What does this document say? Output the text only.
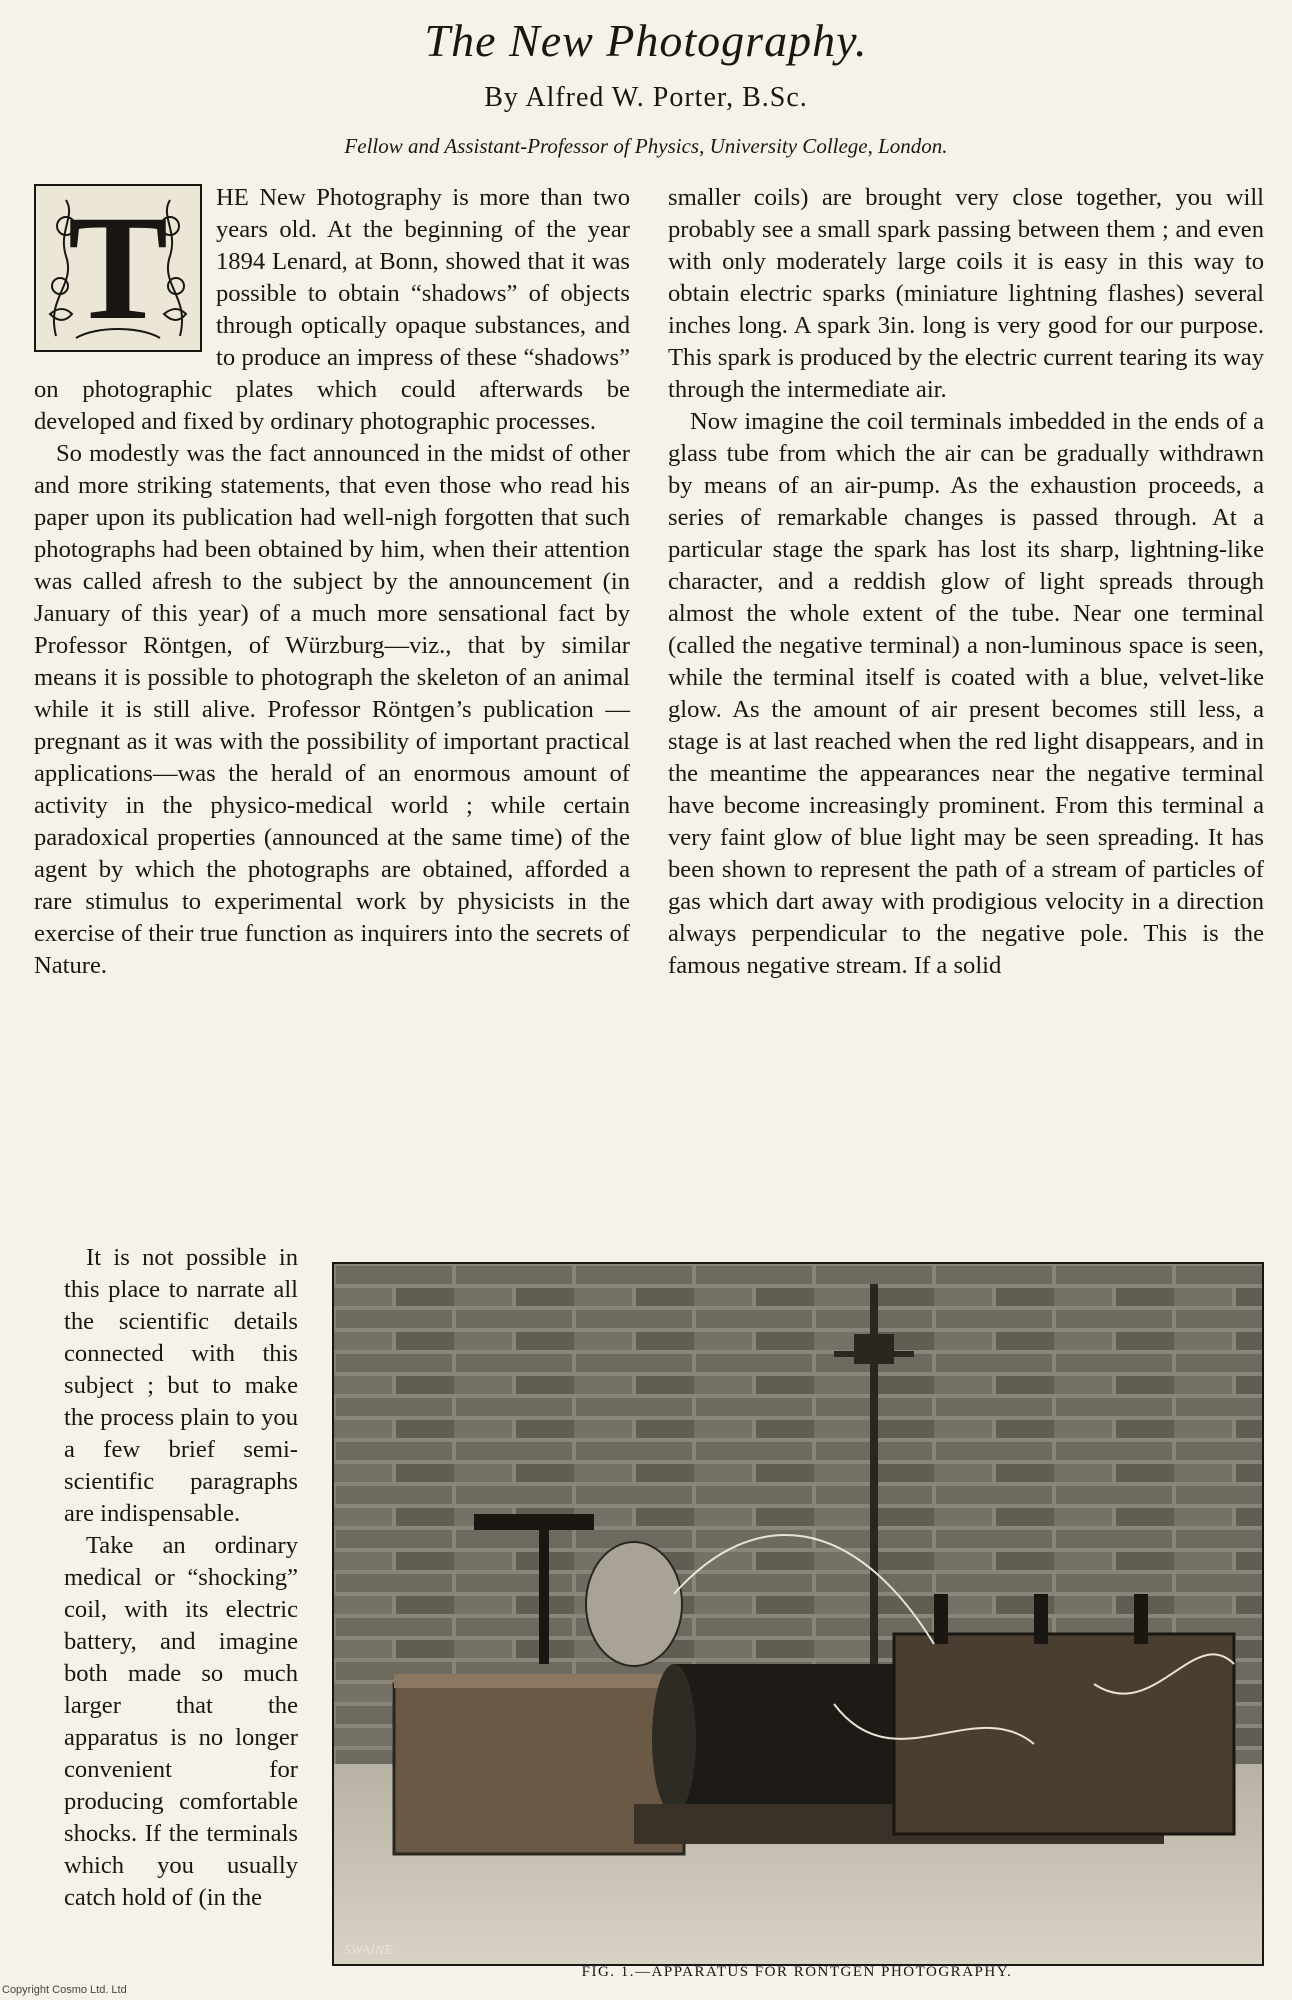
The New Photography.
By Alfred W. Porter, B.Sc.
Fellow and Assistant-Professor of Physics, University College, London.
T	HE New Photography is more than two years old. At the beginning of the year 1894 Lenard, at Bonn, showed that it was possible to obtain “shadows” of objects through optically opaque substances, and to produce an impress of these “shadows” on photographic plates which could afterwards be developed and fixed by ordinary photographic processes.

So modestly was the fact announced in the midst of other and more striking statements, that even those who read his paper upon its publication had well-nigh forgotten that such photographs had been obtained by him, when their attention was called afresh to the subject by the announcement (in January of this year) of a much more sensational fact by Professor Röntgen, of Würzburg—viz., that by similar means it is possible to photograph the skeleton of an animal while it is still alive. Professor Röntgen’s publication —pregnant as it was with the possibility of important practical applications—was the herald of an enormous amount of activity in the physico-medical world ; while certain paradoxical properties (announced at the same time) of the agent by which the photographs are obtained, afforded a rare stimulus to experimental work by physicists in the exercise of their true function as inquirers into the secrets of Nature.

smaller coils) are brought very close together, you will probably see a small spark passing between them ; and even with only moderately large coils it is easy in this way to obtain electric sparks (miniature lightning flashes) several inches long. A spark 3in. long is very good for our purpose. This spark is produced by the electric current tearing its way through the intermediate air.

Now imagine the coil terminals imbedded in the ends of a glass tube from which the air can be gradually withdrawn by means of an air-pump. As the exhaustion proceeds, a series of remarkable changes is passed through. At a particular stage the spark has lost its sharp, lightning-like character, and a reddish glow of light spreads through almost the whole extent of the tube. Near one terminal (called the negative terminal) a non-luminous space is seen, while the terminal itself is coated with a blue, velvet-like glow. As the amount of air present becomes still less, a stage is at last reached when the red light disappears, and in the meantime the appearances near the negative terminal have become increasingly prominent. From this terminal a very faint glow of blue light may be seen spreading. It has been shown to represent the path of a stream of particles of gas which dart away with prodigious velocity in a direction always perpendicular to the negative pole. This is the famous negative stream. If a solid

It is not possible in this place to narrate all the scientific details connected with this subject ; but to make the process plain to you a few brief semi-scientific paragraphs are indispensable.

Take an ordinary medical or “shocking” coil, with its electric battery, and imagine both made so much larger that the apparatus is no longer convenient for producing comfortable shocks. If the terminals which you usually catch hold of (in the

SWAINE
FIG. 1.—APPARATUS FOR RÖNTGEN PHOTOGRAPHY.
Copyright Cosmo Ltd. Ltd
